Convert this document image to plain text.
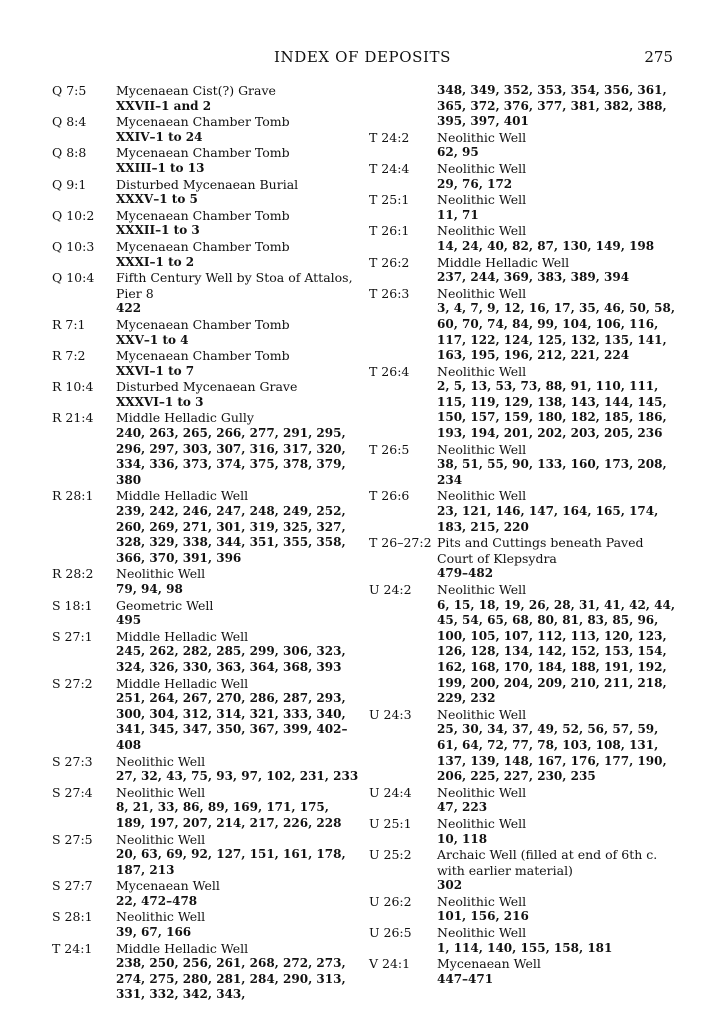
INDEX OF DEPOSITS	275
Q 7:5	Mycenaean Cist(?) Grave
XXVII–1 and 2
Q 8:4	Mycenaean Chamber Tomb
XXIV–1 to 24
Q 8:8	Mycenaean Chamber Tomb
XXIII–1 to 13
Q 9:1	Disturbed Mycenaean Burial
XXXV–1 to 5
Q 10:2	Mycenaean Chamber Tomb
XXXII–1 to 3
Q 10:3	Mycenaean Chamber Tomb
XXXI–1 to 2
Q 10:4	Fifth Century Well by Stoa of Attalos, Pier 8
422
R 7:1	Mycenaean Chamber Tomb
XXV–1 to 4
R 7:2	Mycenaean Chamber Tomb
XXVI–1 to 7
R 10:4	Disturbed Mycenaean Grave
XXXVI–1 to 3
R 21:4	Middle Helladic Gully
240, 263, 265, 266, 277, 291, 295, 296, 297, 303, 307, 316, 317, 320, 334, 336, 373, 374, 375, 378, 379, 380
R 28:1	Middle Helladic Well
239, 242, 246, 247, 248, 249, 252, 260, 269, 271, 301, 319, 325, 327, 328, 329, 338, 344, 351, 355, 358, 366, 370, 391, 396
R 28:2	Neolithic Well
79, 94, 98
S 18:1	Geometric Well
495
S 27:1	Middle Helladic Well
245, 262, 282, 285, 299, 306, 323, 324, 326, 330, 363, 364, 368, 393
S 27:2	Middle Helladic Well
251, 264, 267, 270, 286, 287, 293, 300, 304, 312, 314, 321, 333, 340, 341, 345, 347, 350, 367, 399, 402–408
S 27:3	Neolithic Well
27, 32, 43, 75, 93, 97, 102, 231, 233
S 27:4	Neolithic Well
8, 21, 33, 86, 89, 169, 171, 175, 189, 197, 207, 214, 217, 226, 228
S 27:5	Neolithic Well
20, 63, 69, 92, 127, 151, 161, 178, 187, 213
S 27:7	Mycenaean Well
22, 472–478
S 28:1	Neolithic Well
39, 67, 166
T 24:1	Middle Helladic Well
238, 250, 256, 261, 268, 272, 273, 274, 275, 280, 281, 284, 290, 313, 331, 332, 342, 343,
348, 349, 352, 353, 354, 356, 361, 365, 372, 376, 377, 381, 382, 388, 395, 397, 401
T 24:2	Neolithic Well
62, 95
T 24:4	Neolithic Well
29, 76, 172
T 25:1	Neolithic Well
11, 71
T 26:1	Neolithic Well
14, 24, 40, 82, 87, 130, 149, 198
T 26:2	Middle Helladic Well
237, 244, 369, 383, 389, 394
T 26:3	Neolithic Well
3, 4, 7, 9, 12, 16, 17, 35, 46, 50, 58, 60, 70, 74, 84, 99, 104, 106, 116, 117, 122, 124, 125, 132, 135, 141, 163, 195, 196, 212, 221, 224
T 26:4	Neolithic Well
2, 5, 13, 53, 73, 88, 91, 110, 111, 115, 119, 129, 138, 143, 144, 145, 150, 157, 159, 180, 182, 185, 186, 193, 194, 201, 202, 203, 205, 236
T 26:5	Neolithic Well
38, 51, 55, 90, 133, 160, 173, 208, 234
T 26:6	Neolithic Well
23, 121, 146, 147, 164, 165, 174, 183, 215, 220
T 26–27:2 Pits and Cuttings beneath Paved Court of Klepsydra
479–482
U 24:2	Neolithic Well
6, 15, 18, 19, 26, 28, 31, 41, 42, 44, 45, 54, 65, 68, 80, 81, 83, 85, 96, 100, 105, 107, 112, 113, 120, 123, 126, 128, 134, 142, 152, 153, 154, 162, 168, 170, 184, 188, 191, 192, 199, 200, 204, 209, 210, 211, 218, 229, 232
U 24:3	Neolithic Well
25, 30, 34, 37, 49, 52, 56, 57, 59, 61, 64, 72, 77, 78, 103, 108, 131, 137, 139, 148, 167, 176, 177, 190, 206, 225, 227, 230, 235
U 24:4	Neolithic Well
47, 223
U 25:1	Neolithic Well
10, 118
U 25:2	Archaic Well (filled at end of 6th c. with earlier material)
302
U 26:2	Neolithic Well
101, 156, 216
U 26:5	Neolithic Well
1, 114, 140, 155, 158, 181
V 24:1	Mycenaean Well
447–471
